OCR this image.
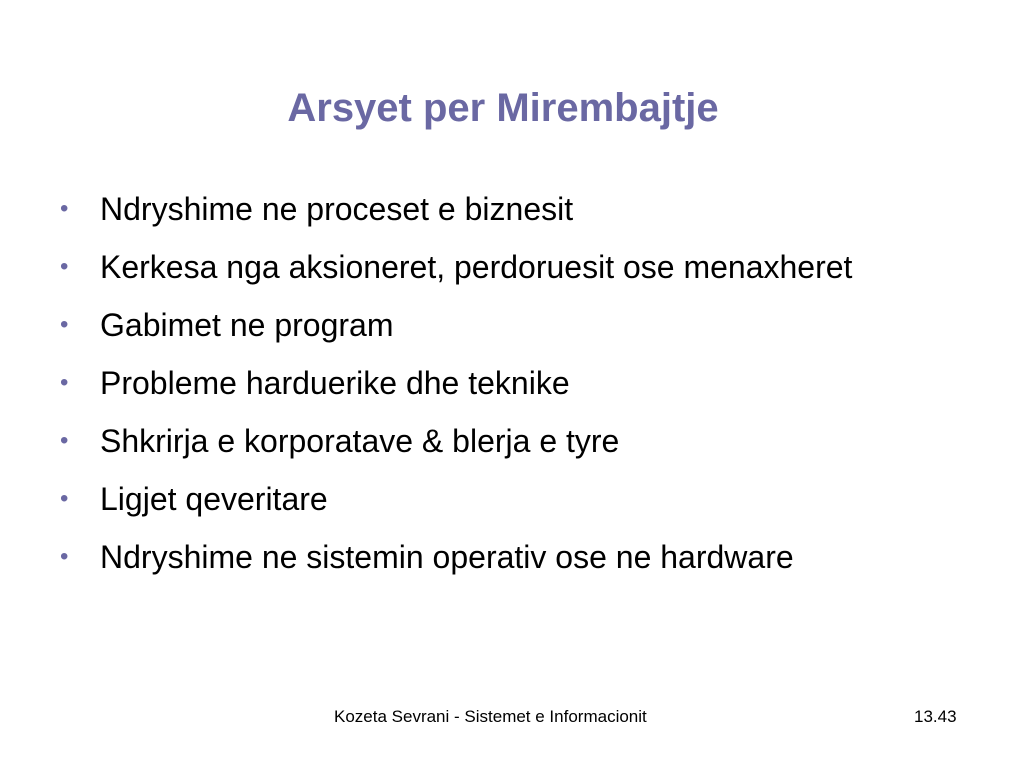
Arsyet per Mirembajtje
• Ndryshime ne proceset e biznesit
• Kerkesa nga aksioneret, perdoruesit ose menaxheret
• Gabimet ne program
• Probleme harduerike dhe teknike
• Shkrirja e korporatave & blerja e tyre
• Ligjet qeveritare
• Ndryshime ne sistemin operativ ose ne hardware
Kozeta Sevrani - Sistemet e Informacionit	13.43
